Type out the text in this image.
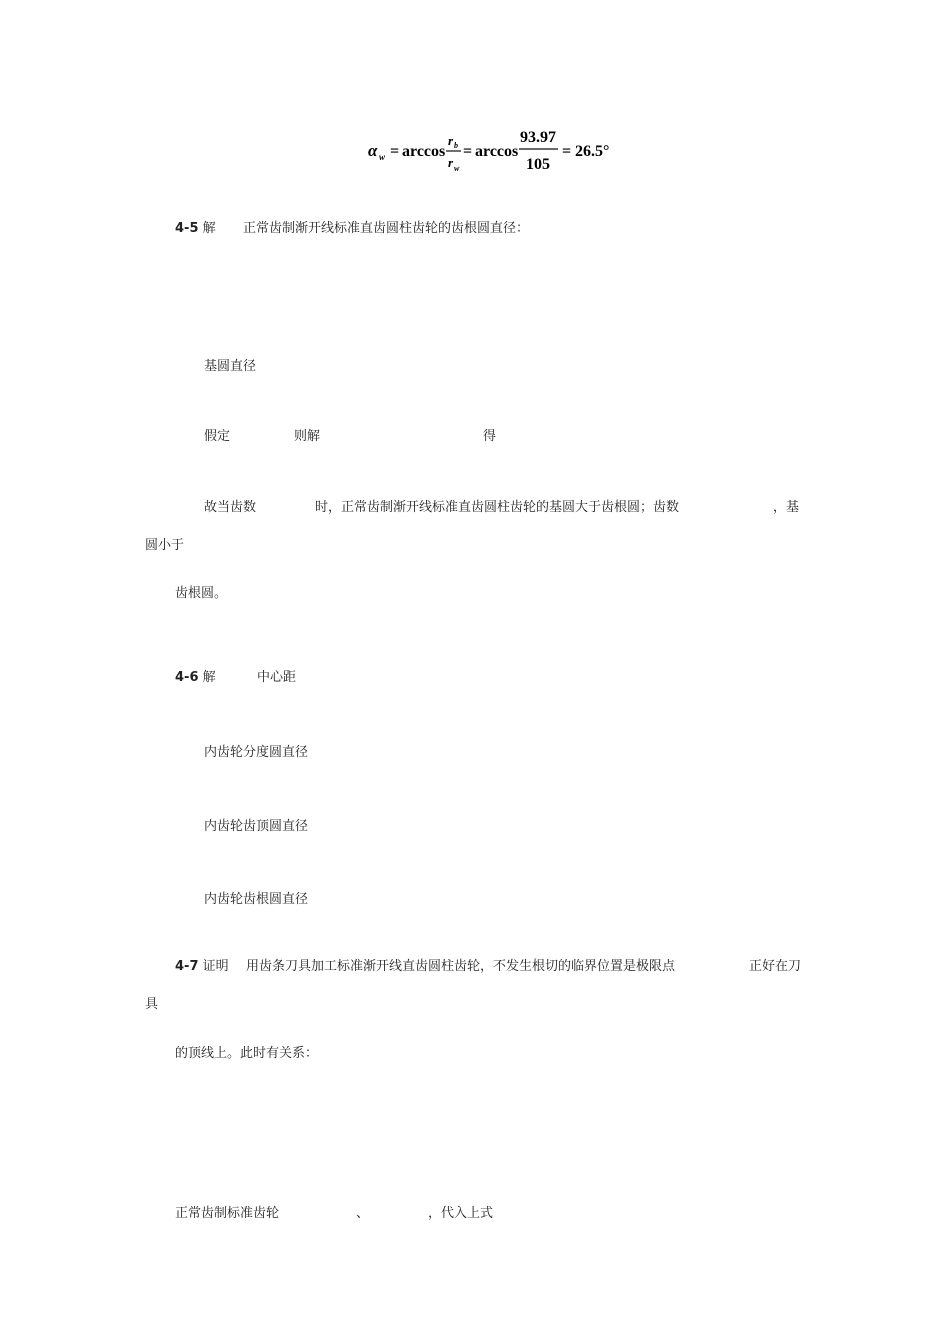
α w = arccos
r b
r w
= arccos
93.97
105
= 26.5°
4-5 解 正常齿制渐开线标准直齿圆柱齿轮的齿根圆直径：
基圆直径
假定	则解	得
故当齿数	时，正常齿制渐开线标准直齿圆柱齿轮的基圆大于齿根圆；齿数	，基
圆小于
齿根圆。
4-6 解	中心距
内齿轮分度圆直径
内齿轮齿顶圆直径
内齿轮齿根圆直径
4-7 证明 用齿条刀具加工标准渐开线直齿圆柱齿轮，不发生根切的临界位置是极限点	正好在刀
具
的顶线上。此时有关系：
正常齿制标准齿轮	、	，代入上式
